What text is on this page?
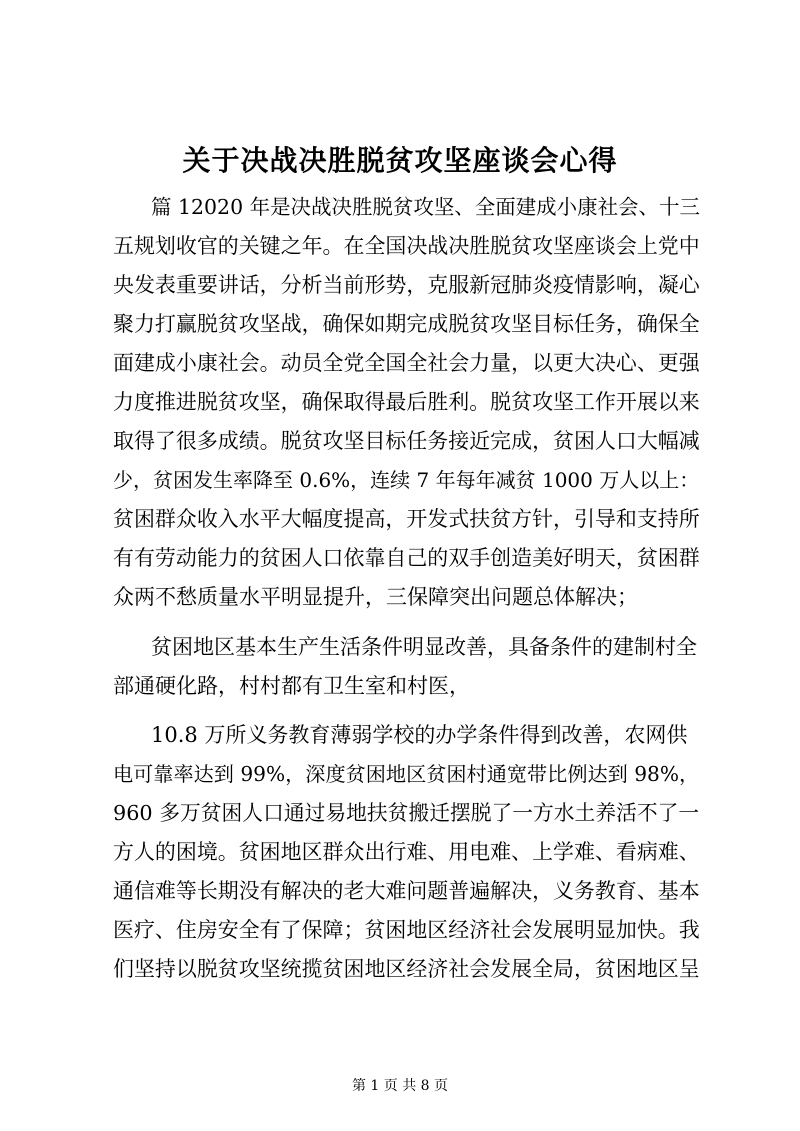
关于决战决胜脱贫攻坚座谈会心得
篇 12020 年是决战决胜脱贫攻坚、全面建成小康社会、十三
五规划收官的关键之年。在全国决战决胜脱贫攻坚座谈会上党中
央发表重要讲话，分析当前形势，克服新冠肺炎疫情影响，凝心
聚力打赢脱贫攻坚战，确保如期完成脱贫攻坚目标任务，确保全
面建成小康社会。动员全党全国全社会力量，以更大决心、更强
力度推进脱贫攻坚，确保取得最后胜利。脱贫攻坚工作开展以来
取得了很多成绩。脱贫攻坚目标任务接近完成，贫困人口大幅减
少，贫困发生率降至 0.6%，连续 7 年每年减贫 1000 万人以上：
贫困群众收入水平大幅度提高，开发式扶贫方针，引导和支持所
有有劳动能力的贫困人口依靠自己的双手创造美好明天，贫困群
众两不愁质量水平明显提升，三保障突出问题总体解决；
贫困地区基本生产生活条件明显改善，具备条件的建制村全
部通硬化路，村村都有卫生室和村医，
10.8 万所义务教育薄弱学校的办学条件得到改善，农网供
电可靠率达到 99%，深度贫困地区贫困村通宽带比例达到 98%，
960 多万贫困人口通过易地扶贫搬迁摆脱了一方水土养活不了一
方人的困境。贫困地区群众出行难、用电难、上学难、看病难、
通信难等长期没有解决的老大难问题普遍解决，义务教育、基本
医疗、住房安全有了保障；贫困地区经济社会发展明显加快。我
们坚持以脱贫攻坚统揽贫困地区经济社会发展全局，贫困地区呈
第 1 页 共 8 页
